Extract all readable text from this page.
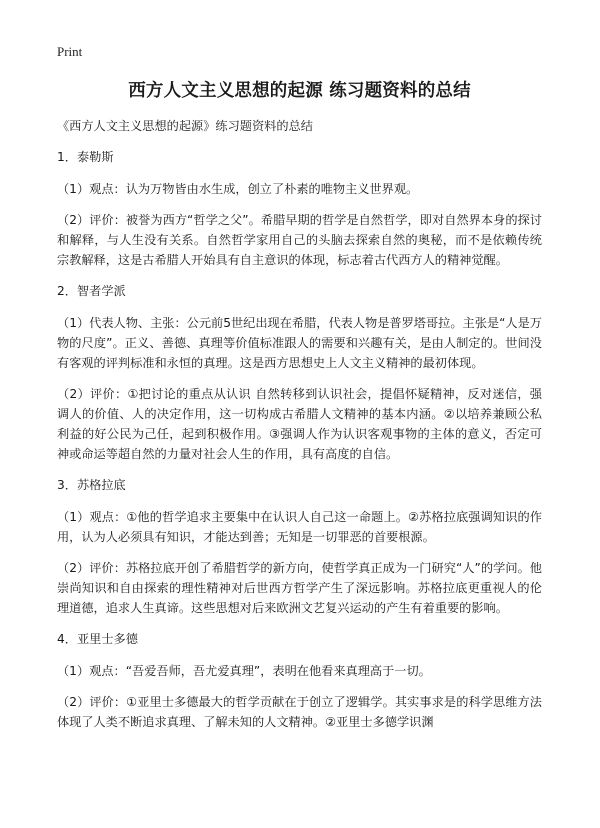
Print
西方人文主义思想的起源 练习题资料的总结
《西方人文主义思想的起源》练习题资料的总结
1．泰勒斯
（1）观点：认为万物皆由水生成，创立了朴素的唯物主义世界观。
（2）评价：被誉为西方“哲学之父”。希腊早期的哲学是自然哲学，即对自然界本身的探讨和解释，与人生没有关系。自然哲学家用自己的头脑去探索自然的奥秘，而不是依赖传统宗教解释，这是古希腊人开始具有自主意识的体现，标志着古代西方人的精神觉醒。
2．智者学派
（1）代表人物、主张：公元前5世纪出现在希腊，代表人物是普罗塔哥拉。主张是“人是万物的尺度”。正义、善德、真理等价值标准跟人的需要和兴趣有关，是由人制定的。世间没有客观的评判标准和永恒的真理。这是西方思想史上人文主义精神的最初体现。
（2）评价：①把讨论的重点从认识 自然转移到认识社会，提倡怀疑精神，反对迷信，强调人的价值、人的决定作用，这一切构成古希腊人文精神的基本内涵。②以培养兼顾公私利益的好公民为己任，起到积极作用。③强调人作为认识客观事物的主体的意义，否定可神或命运等超自然的力量对社会人生的作用，具有高度的自信。
3．苏格拉底
（1）观点：①他的哲学追求主要集中在认识人自己这一命题上。②苏格拉底强调知识的作用，认为人必须具有知识，才能达到善；无知是一切罪恶的首要根源。
（2）评价：苏格拉底开创了希腊哲学的新方向，使哲学真正成为一门研究“人”的学问。他崇尚知识和自由探索的理性精神对后世西方哲学产生了深远影响。苏格拉底更重视人的伦理道德，追求人生真谛。这些思想对后来欧洲文艺复兴运动的产生有着重要的影响。
4．亚里士多德
（1）观点：“吾爱吾师，吾尤爱真理”，表明在他看来真理高于一切。
（2）评价：①亚里士多德最大的哲学贡献在于创立了逻辑学。其实事求是的科学思维方法体现了人类不断追求真理、了解未知的人文精神。②亚里士多德学识渊
